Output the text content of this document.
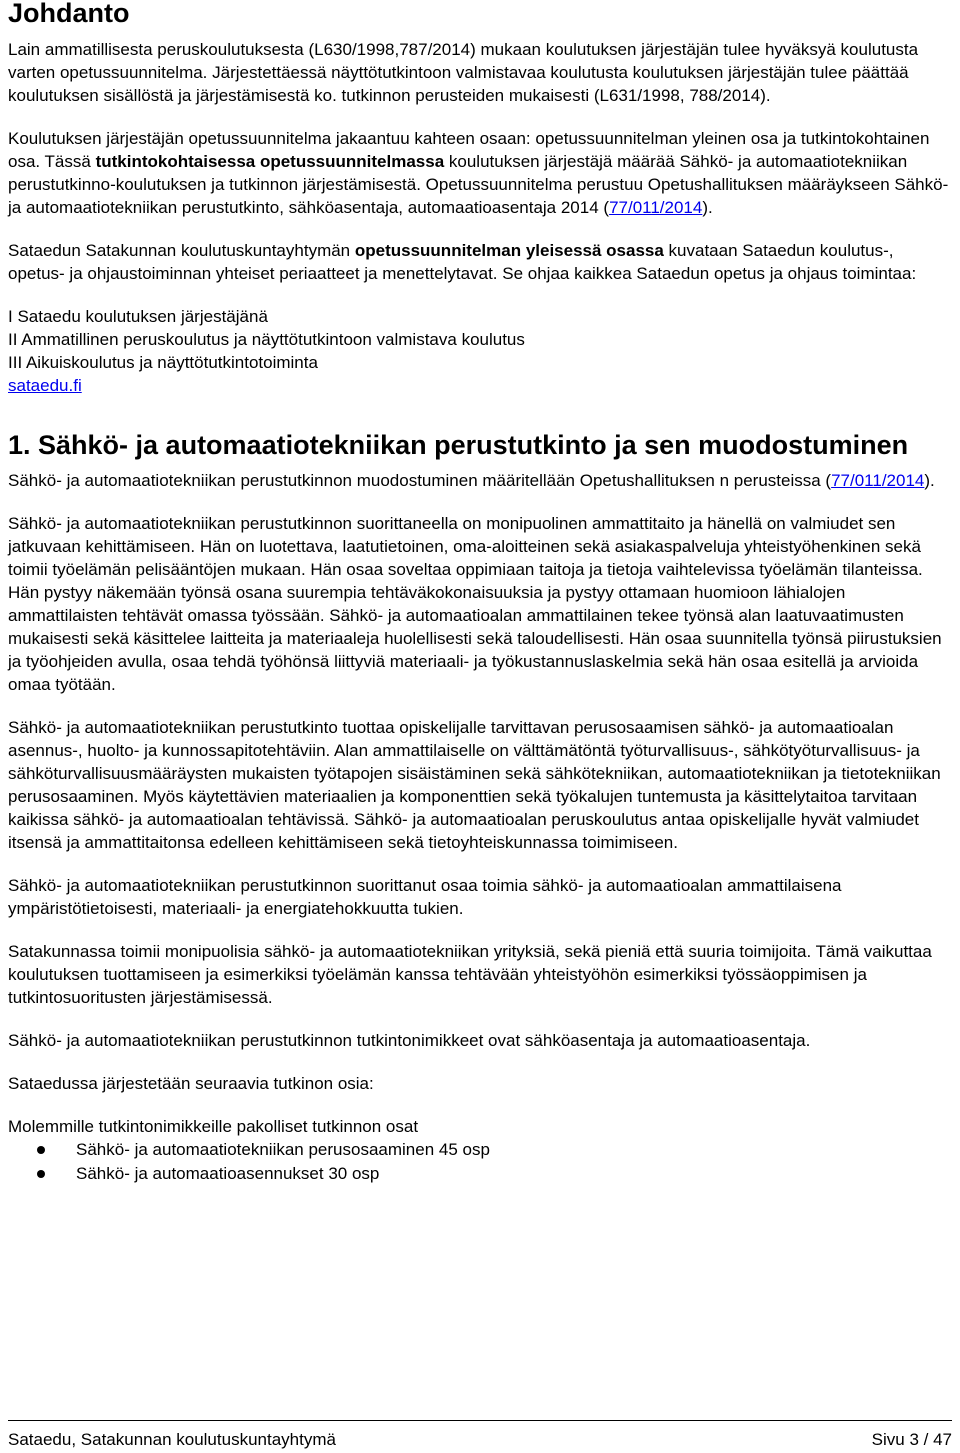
Johdanto

Lain ammatillisesta peruskoulutuksesta (L630/1998,787/2014) mukaan koulutuksen järjestäjän tulee hyväksyä koulutusta varten opetussuunnitelma. Järjestettäessä näyttötutkintoon valmistavaa koulutusta koulutuksen järjestäjän tulee päättää koulutuksen sisällöstä ja järjestämisestä ko. tutkinnon perusteiden mukaisesti (L631/1998, 788/2014).

Koulutuksen järjestäjän opetussuunnitelma jakaantuu kahteen osaan: opetussuunnitelman yleinen osa ja tutkintokohtainen osa. Tässä tutkintokohtaisessa opetussuunnitelmassa koulutuksen järjestäjä määrää Sähkö- ja automaatiotekniikan perustutkinno-koulutuksen ja tutkinnon järjestämisestä. Opetussuunnitelma perustuu Opetushallituksen määräykseen Sähkö- ja automaatiotekniikan perustutkinto, sähköasentaja, automaatioasentaja 2014 (77/011/2014).

Sataedun Satakunnan koulutuskuntayhtymän opetussuunnitelman yleisessä osassa kuvataan Sataedun koulutus-, opetus- ja ohjaustoiminnan yhteiset periaatteet ja menettelytavat. Se ohjaa kaikkea Sataedun opetus ja ohjaus toimintaa:

I Sataedu koulutuksen järjestäjänä

II Ammatillinen peruskoulutus ja näyttötutkintoon valmistava koulutus

III Aikuiskoulutus ja näyttötutkintotoiminta

sataedu.fi

1. Sähkö- ja automaatiotekniikan perustutkinto ja sen muodostuminen

Sähkö- ja automaatiotekniikan perustutkinnon muodostuminen määritellään Opetushallituksen n perusteissa (77/011/2014).

Sähkö- ja automaatiotekniikan perustutkinnon suorittaneella on monipuolinen ammattitaito ja hänellä on valmiudet sen jatkuvaan kehittämiseen. Hän on luotettava, laatutietoinen, oma-aloitteinen sekä asiakaspalveluja yhteistyöhenkinen sekä toimii työelämän pelisääntöjen mukaan. Hän osaa soveltaa oppimiaan taitoja ja tietoja vaihtelevissa työelämän tilanteissa. Hän pystyy näkemään työnsä osana suurempia tehtäväkokonaisuuksia ja pystyy ottamaan huomioon lähialojen ammattilaisten tehtävät omassa työssään. Sähkö- ja automaatioalan ammattilainen tekee työnsä alan laatuvaatimusten mukaisesti sekä käsittelee laitteita ja materiaaleja huolellisesti sekä taloudellisesti. Hän osaa suunnitella työnsä piirustuksien ja työohjeiden avulla, osaa tehdä työhönsä liittyviä materiaali- ja työkustannuslaskelmia sekä hän osaa esitellä ja arvioida omaa työtään.

Sähkö- ja automaatiotekniikan perustutkinto tuottaa opiskelijalle tarvittavan perusosaamisen sähkö- ja automaatioalan asennus-, huolto- ja kunnossapitotehtäviin. Alan ammattilaiselle on välttämätöntä työturvallisuus-, sähkötyöturvallisuus- ja sähköturvallisuusmääräysten mukaisten työtapojen sisäistäminen sekä sähkötekniikan, automaatiotekniikan ja tietotekniikan perusosaaminen. Myös käytettävien materiaalien ja komponenttien sekä työkalujen tuntemusta ja käsittelytaitoa tarvitaan kaikissa sähkö- ja automaatioalan tehtävissä. Sähkö- ja automaatioalan peruskoulutus antaa opiskelijalle hyvät valmiudet itsensä ja ammattitaitonsa edelleen kehittämiseen sekä tietoyhteiskunnassa toimimiseen.

Sähkö- ja automaatiotekniikan perustutkinnon suorittanut osaa toimia sähkö- ja automaatioalan ammattilaisena ympäristötietoisesti, materiaali- ja energiatehokkuutta tukien.

Satakunnassa toimii monipuolisia sähkö- ja automaatiotekniikan yrityksiä, sekä pieniä että suuria toimijoita. Tämä vaikuttaa koulutuksen tuottamiseen ja esimerkiksi työelämän kanssa tehtävään yhteistyöhön esimerkiksi työssäoppimisen ja tutkintosuoritusten järjestämisessä.

Sähkö- ja automaatiotekniikan perustutkinnon tutkintonimikkeet ovat sähköasentaja ja automaatioasentaja.

Sataedussa järjestetään seuraavia tutkinon osia:

Molemmille tutkintonimikkeille pakolliset tutkinnon osat

Sähkö- ja automaatiotekniikan perusosaaminen 45 osp
Sähkö- ja automaatioasennukset 30 osp
Sataedu, Satakunnan koulutuskuntayhtymä	Sivu 3 / 47
